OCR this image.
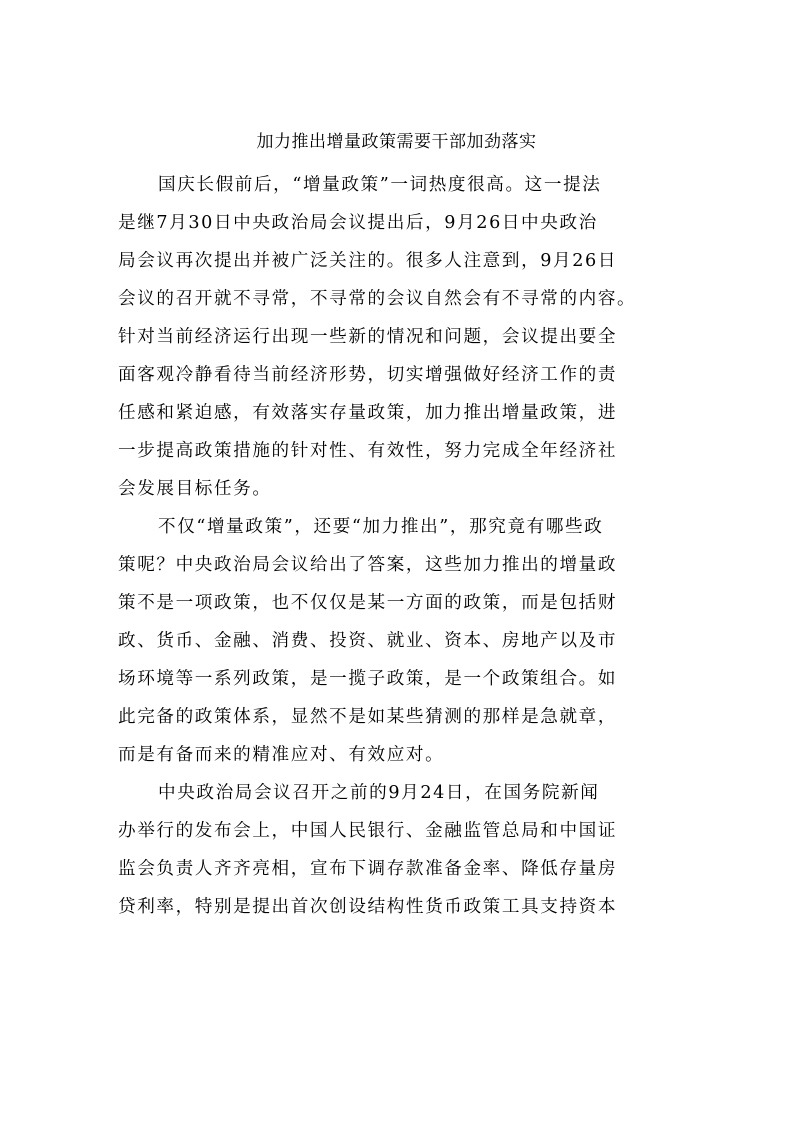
加力推出增量政策需要干部加劲落实
国庆长假前后，“增量政策”一词热度很高。这一提法
是继7月30日中央政治局会议提出后，9月26日中央政治
局会议再次提出并被广泛关注的。很多人注意到，9月26日
会议的召开就不寻常，不寻常的会议自然会有不寻常的内容。
针对当前经济运行出现一些新的情况和问题，会议提出要全
面客观冷静看待当前经济形势，切实增强做好经济工作的责
任感和紧迫感，有效落实存量政策，加力推出增量政策，进
一步提高政策措施的针对性、有效性，努力完成全年经济社
会发展目标任务。
不仅“增量政策”，还要“加力推出”，那究竟有哪些政
策呢？中央政治局会议给出了答案，这些加力推出的增量政
策不是一项政策，也不仅仅是某一方面的政策，而是包括财
政、货币、金融、消费、投资、就业、资本、房地产以及市
场环境等一系列政策，是一揽子政策，是一个政策组合。如
此完备的政策体系，显然不是如某些猜测的那样是急就章，
而是有备而来的精准应对、有效应对。
中央政治局会议召开之前的9月24日，在国务院新闻
办举行的发布会上，中国人民银行、金融监管总局和中国证
监会负责人齐齐亮相，宣布下调存款准备金率、降低存量房
贷利率，特别是提出首次创设结构性货币政策工具支持资本
